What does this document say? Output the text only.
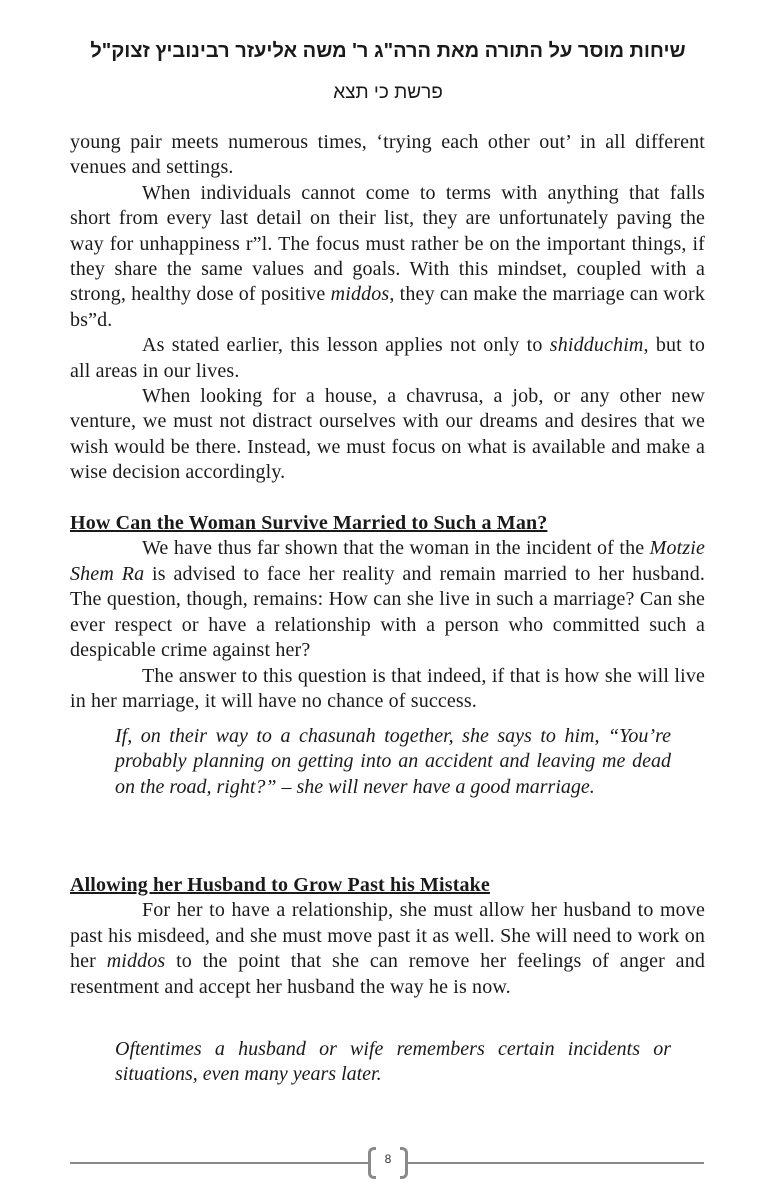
שיחות מוסר על התורה מאת הרה"ג ר' משה אליעזר רבינוביץ זצוק"ל
פרשת כי תצא

young pair meets numerous times, ‘trying each other out’ in all different venues and settings.

When individuals cannot come to terms with anything that falls short from every last detail on their list, they are unfortunately paving the way for unhappiness r”l. The focus must rather be on the important things, if they share the same values and goals. With this mindset, coupled with a strong, healthy dose of positive middos, they can make the marriage can work bs”d.

As stated earlier, this lesson applies not only to shidduchim, but to all areas in our lives.

When looking for a house, a chavrusa, a job, or any other new venture, we must not distract ourselves with our dreams and desires that we wish would be there. Instead, we must focus on what is available and make a wise decision accordingly.

How Can the Woman Survive Married to Such a Man?

We have thus far shown that the woman in the incident of the Motzie Shem Ra is advised to face her reality and remain married to her husband. The question, though, remains: How can she live in such a marriage? Can she ever respect or have a relationship with a person who committed such a despicable crime against her?

The answer to this question is that indeed, if that is how she will live in her marriage, it will have no chance of success.

If, on their way to a chasunah together, she says to him, “You’re probably planning on getting into an accident and leaving me dead on the road, right?” – she will never have a good marriage.

Allowing her Husband to Grow Past his Mistake

For her to have a relationship, she must allow her husband to move past his misdeed, and she must move past it as well. She will need to work on her middos to the point that she can remove her feelings of anger and resentment and accept her husband the way he is now.

Oftentimes a husband or wife remembers certain incidents or situations, even many years later.

8
